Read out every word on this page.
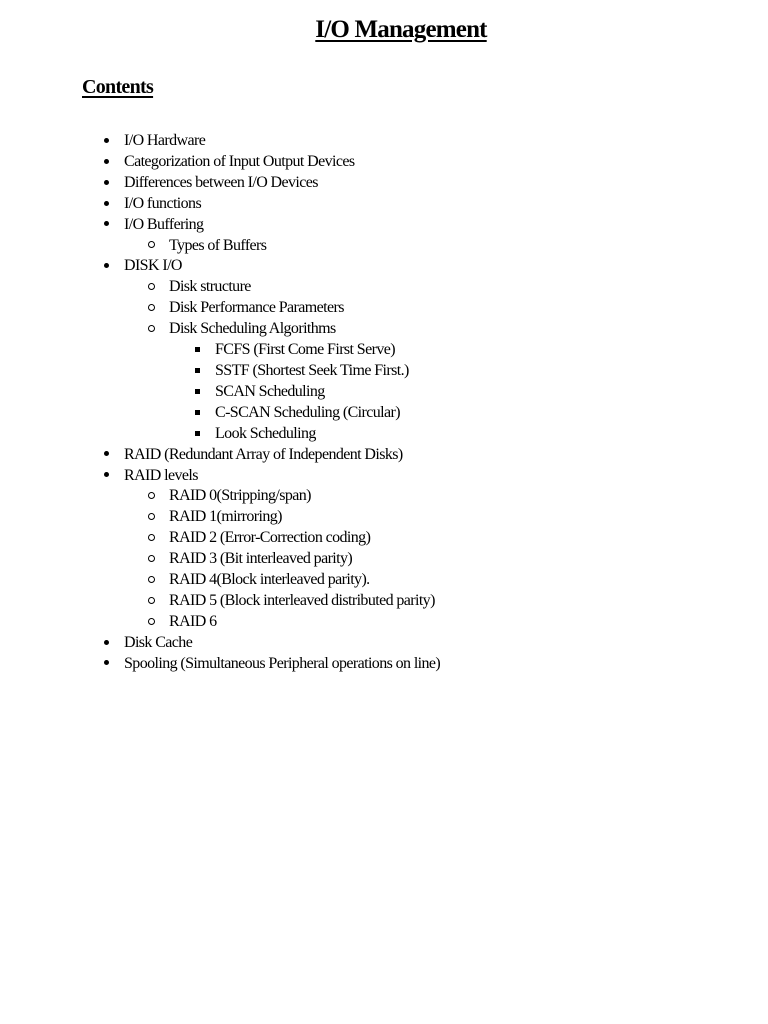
I/O Management
Contents
I/O Hardware
Categorization of Input Output Devices
Differences between I/O Devices
I/O functions
I/O Buffering
Types of Buffers
DISK I/O
Disk structure
Disk Performance Parameters
Disk Scheduling Algorithms
FCFS (First Come First Serve)
SSTF (Shortest Seek Time First.)
SCAN Scheduling
C-SCAN Scheduling (Circular)
Look Scheduling
RAID (Redundant Array of Independent Disks)
RAID levels
RAID 0(Stripping/span)
RAID 1(mirroring)
RAID 2 (Error-Correction coding)
RAID 3 (Bit interleaved parity)
RAID 4(Block interleaved parity).
RAID 5 (Block interleaved distributed parity)
RAID 6
Disk Cache
Spooling (Simultaneous Peripheral operations on line)
